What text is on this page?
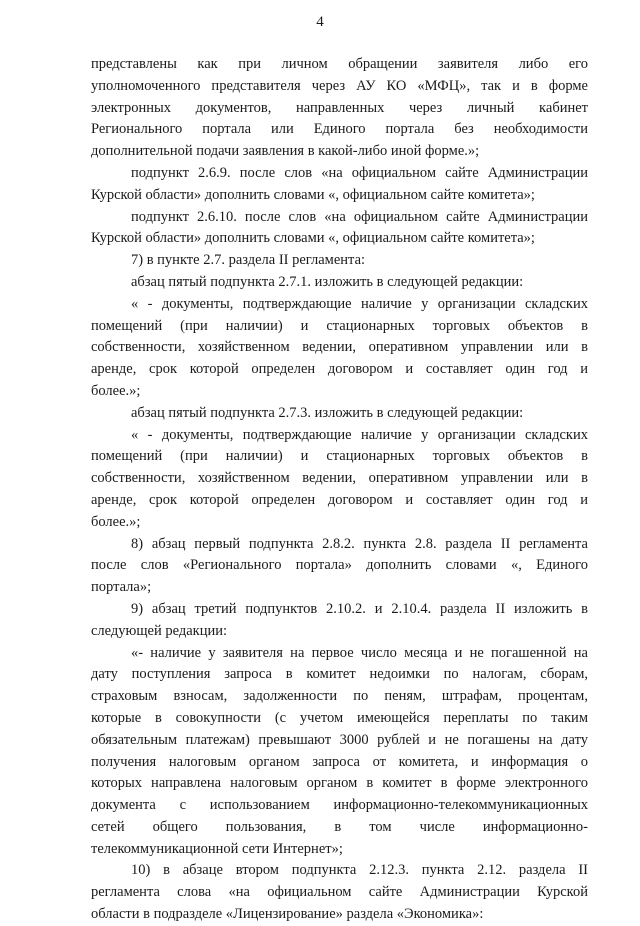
4
представлены как при личном обращении заявителя либо его
уполномоченного представителя через АУ КО «МФЦ», так и в форме
электронных документов, направленных через личный кабинет
Регионального портала или Единого портала без необходимости
дополнительной подачи заявления в какой-либо иной форме.»;
подпункт 2.6.9. после слов «на официальном сайте Администрации
Курской области» дополнить словами «, официальном сайте комитета»;
подпункт 2.6.10. после слов «на официальном сайте Администрации
Курской области» дополнить словами «, официальном сайте комитета»;
7) в пункте 2.7. раздела II регламента:
абзац пятый подпункта 2.7.1. изложить в следующей редакции:
« - документы, подтверждающие наличие у организации складских
помещений (при наличии) и стационарных торговых объектов в
собственности, хозяйственном ведении, оперативном управлении или в
аренде, срок которой определен договором и составляет один год и
более.»;
абзац пятый подпункта 2.7.3. изложить в следующей редакции:
« - документы, подтверждающие наличие у организации складских
помещений (при наличии) и стационарных торговых объектов в
собственности, хозяйственном ведении, оперативном управлении или в
аренде, срок которой определен договором и составляет один год и
более.»;
8) абзац первый подпункта 2.8.2. пункта 2.8. раздела II регламента
после слов «Регионального портала» дополнить словами «, Единого
портала»;
9) абзац третий подпунктов 2.10.2. и 2.10.4. раздела II изложить в
следующей редакции:
«- наличие у заявителя на первое число месяца и не погашенной на
дату поступления запроса в комитет недоимки по налогам, сборам,
страховым взносам, задолженности по пеням, штрафам, процентам,
которые в совокупности (с учетом имеющейся переплаты по таким
обязательным платежам) превышают 3000 рублей и не погашены на дату
получения налоговым органом запроса от комитета, и информация о
которых направлена налоговым органом в комитет в форме электронного
документа с использованием информационно-телекоммуникационных
сетей общего пользования, в том числе информационно-
телекоммуникационной сети Интернет»;
10) в абзаце втором подпункта 2.12.3. пункта 2.12. раздела II
регламента слова «на официальном сайте Администрации Курской
области в подразделе «Лицензирование» раздела «Экономика»:
